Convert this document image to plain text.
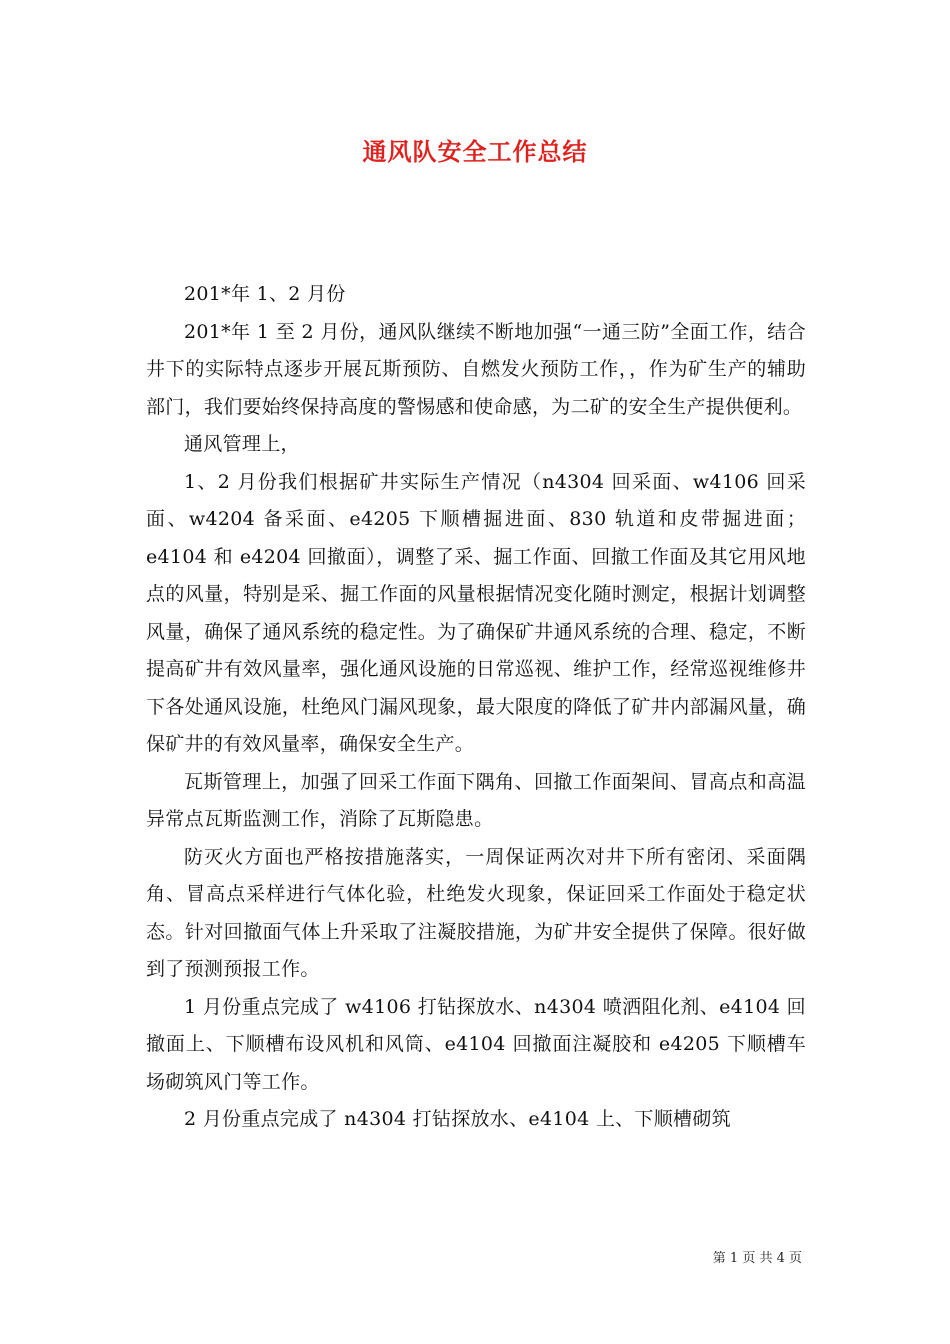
通风队安全工作总结

201*年 1、2 月份

201*年 1 至 2 月份，通风队继续不断地加强“一通三防”全面工作，结合井下的实际特点逐步开展瓦斯预防、自燃发火预防工作，，作为矿生产的辅助部门，我们要始终保持高度的警惕感和使命感，为二矿的安全生产提供便利。

通风管理上，

1、2 月份我们根据矿井实际生产情况（n4304 回采面、w4106 回采面、w4204 备采面、e4205 下顺槽掘进面、830 轨道和皮带掘进面；e4104 和 e4204 回撤面），调整了采、掘工作面、回撤工作面及其它用风地点的风量，特别是采、掘工作面的风量根据情况变化随时测定，根据计划调整风量，确保了通风系统的稳定性。为了确保矿井通风系统的合理、稳定，不断提高矿井有效风量率，强化通风设施的日常巡视、维护工作，经常巡视维修井下各处通风设施，杜绝风门漏风现象，最大限度的降低了矿井内部漏风量，确保矿井的有效风量率，确保安全生产。

瓦斯管理上，加强了回采工作面下隅角、回撤工作面架间、冒高点和高温异常点瓦斯监测工作，消除了瓦斯隐患。

防灭火方面也严格按措施落实，一周保证两次对井下所有密闭、采面隅角、冒高点采样进行气体化验，杜绝发火现象，保证回采工作面处于稳定状态。针对回撤面气体上升采取了注凝胶措施，为矿井安全提供了保障。很好做到了预测预报工作。

1 月份重点完成了 w4106 打钻探放水、n4304 喷洒阻化剂、e4104 回撤面上、下顺槽布设风机和风筒、e4104 回撤面注凝胶和 e4205 下顺槽车场砌筑风门等工作。

2 月份重点完成了 n4304 打钻探放水、e4104 上、下顺槽砌筑

第 1 页 共 4 页
